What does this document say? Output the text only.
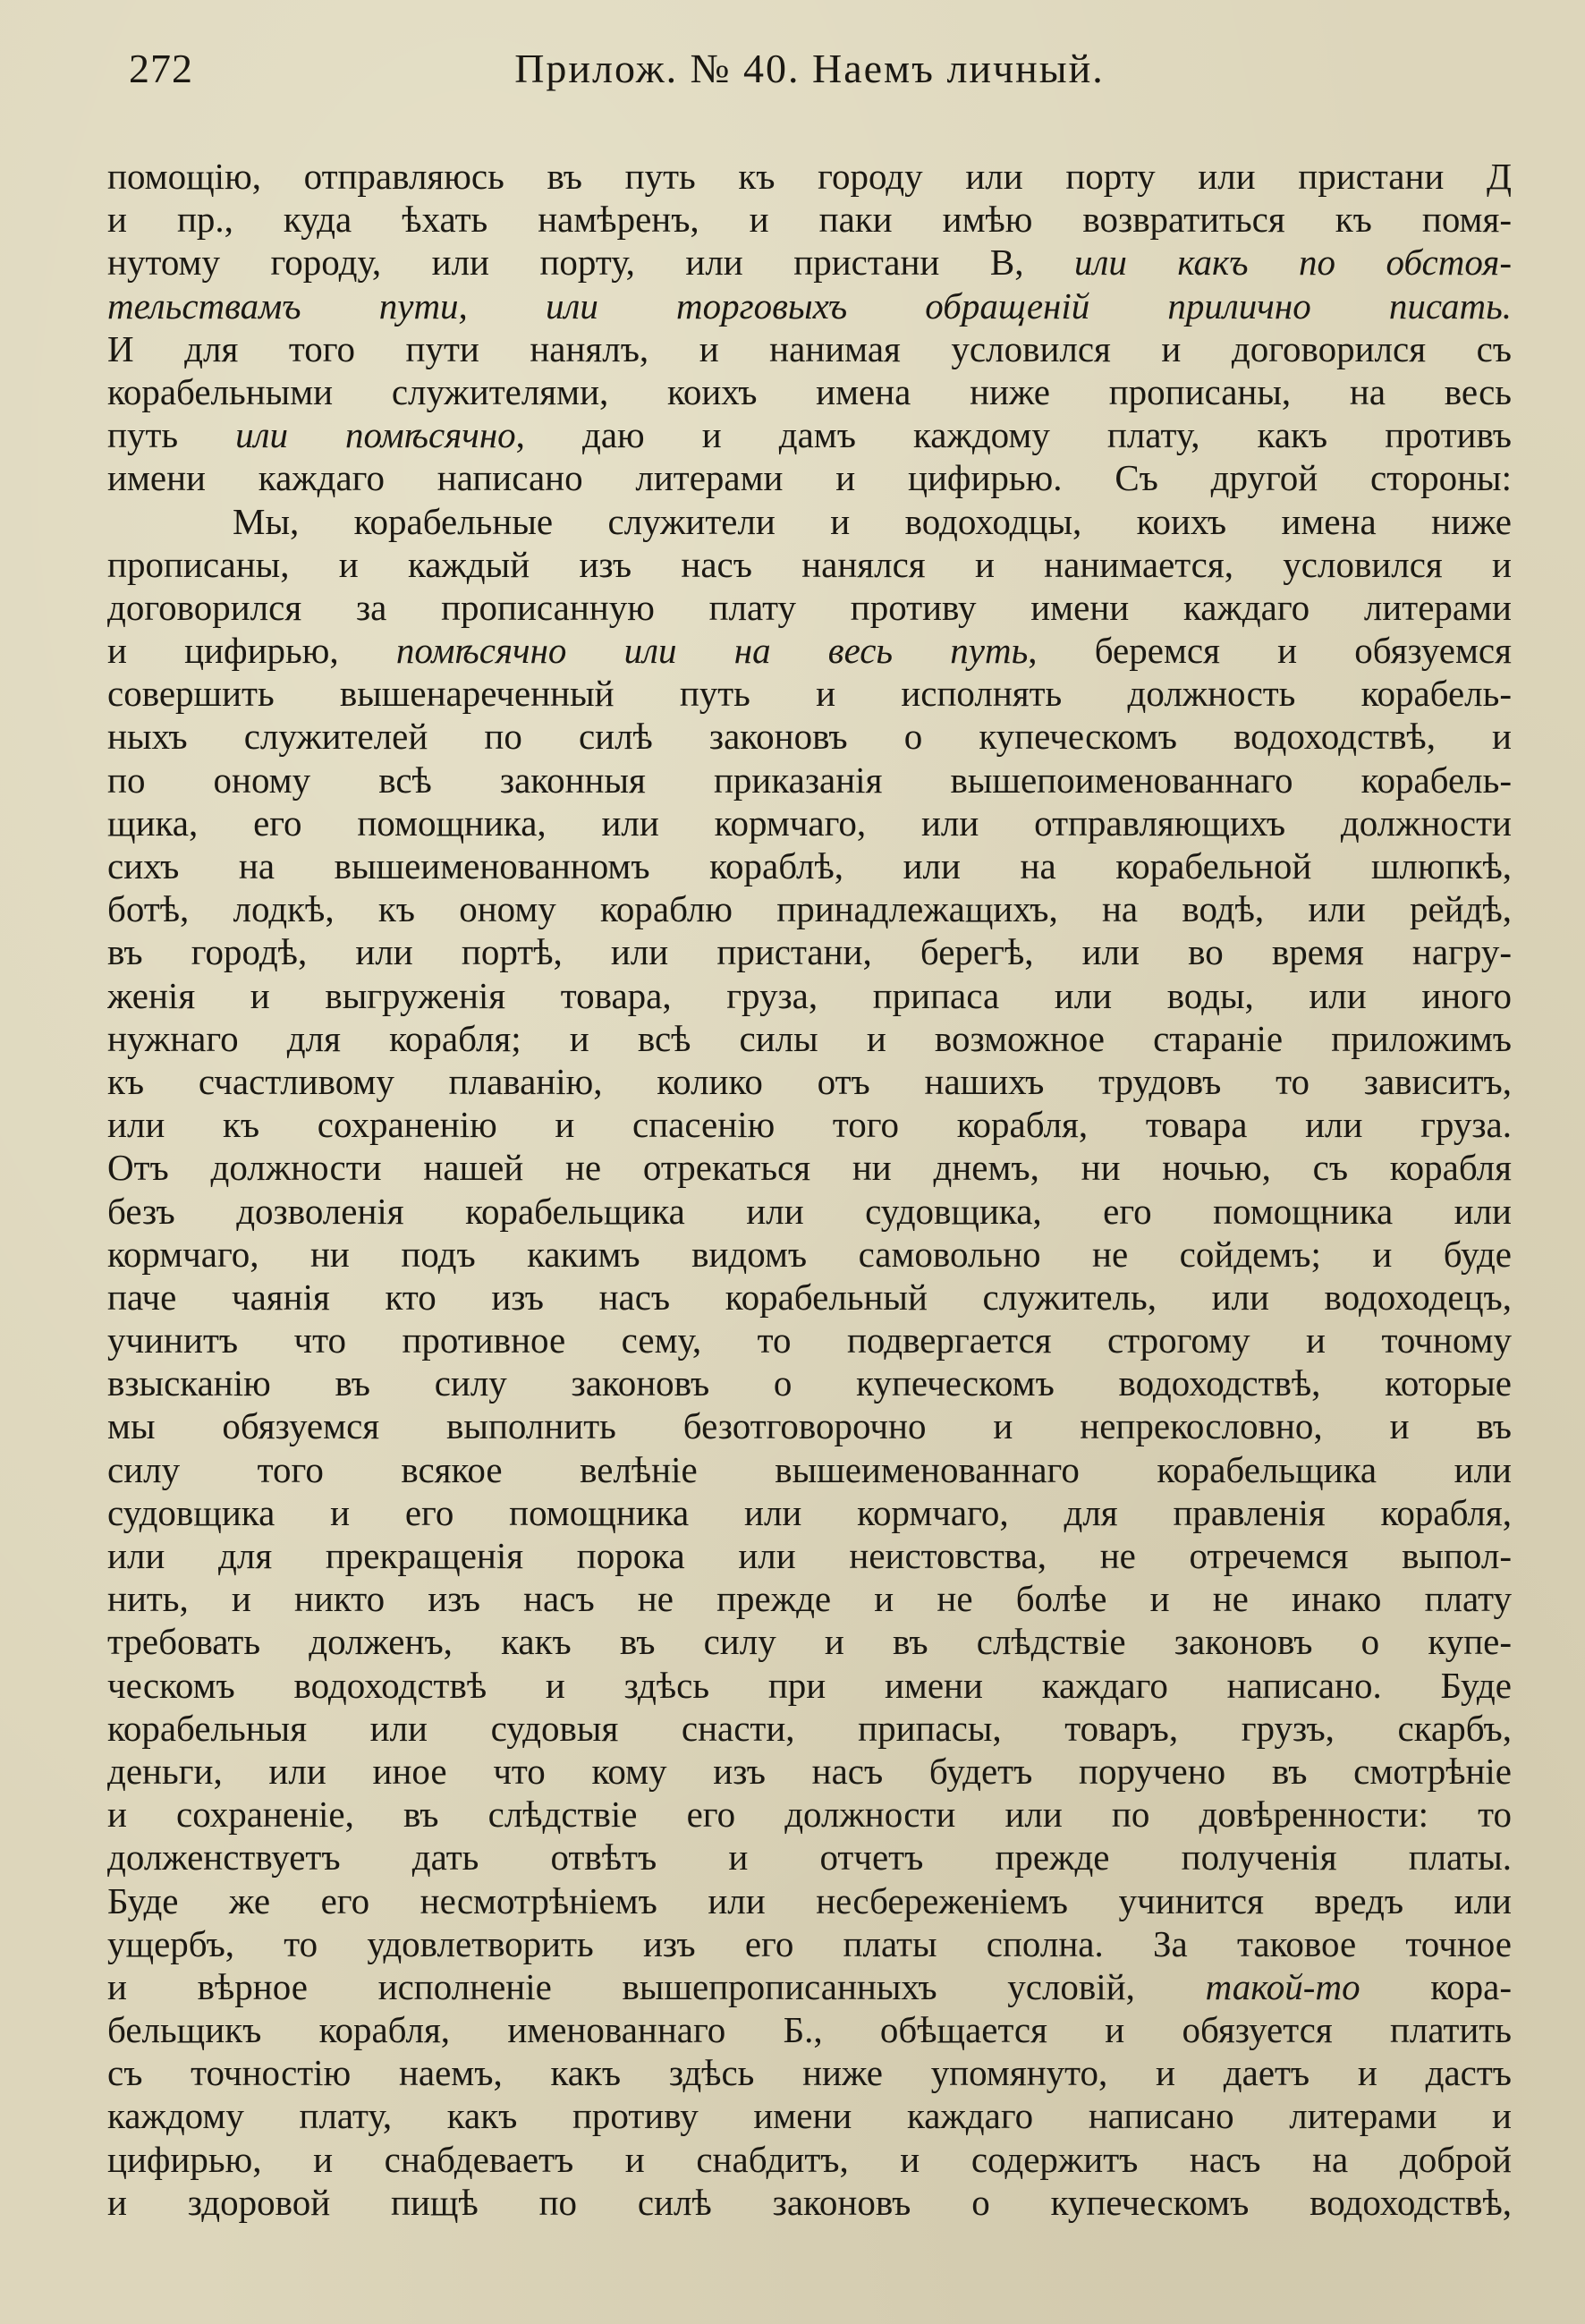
272	Прилож. № 40. Наемъ личный.
помощію, отправляюсь въ путь къ городу или порту или пристани Д
и пр., куда ѣхать намѣренъ, и паки имѣю возвратиться къ помя-
нутому городу, или порту, или пристани В, или какъ по обстоя-
тельствамъ пути, или торговыхъ обращеній прилично писать.
И для того пути нанялъ, и нанимая условился и договорился съ
корабельными служителями, коихъ имена ниже прописаны, на весь
путь или помѣсячно, даю и дамъ каждому плату, какъ противъ
имени каждаго написано литерами и цифирью. Съ другой стороны:
Мы, корабельные служители и водоходцы, коихъ имена ниже
прописаны, и каждый изъ насъ нанялся и нанимается, условился и
договорился за прописанную плату противу имени каждаго литерами
и цифирью, помѣсячно или на весь путь, беремся и обязуемся
совершить вышенареченный путь и исполнять должность корабель-
ныхъ служителей по силѣ законовъ о купеческомъ водоходствѣ, и
по оному всѣ законныя приказанія вышепоименованнаго корабель-
щика, его помощника, или кормчаго, или отправляющихъ должности
сихъ на вышеименованномъ кораблѣ, или на корабельной шлюпкѣ,
ботѣ, лодкѣ, къ оному кораблю принадлежащихъ, на водѣ, или рейдѣ,
въ городѣ, или портѣ, или пристани, берегѣ, или во время нагру-
женія и выгруженія товара, груза, припаса или воды, или иного
нужнаго для корабля; и всѣ силы и возможное стараніе приложимъ
къ счастливому плаванію, колико отъ нашихъ трудовъ то зависитъ,
или къ сохраненію и спасенію того корабля, товара или груза.
Отъ должности нашей не отрекаться ни днемъ, ни ночью, съ корабля
безъ дозволенія корабельщика или судовщика, его помощника или
кормчаго, ни подъ какимъ видомъ самовольно не сойдемъ; и буде
паче чаянія кто изъ насъ корабельный служитель, или водоходецъ,
учинитъ что противное сему, то подвергается строгому и точному
взысканію въ силу законовъ о купеческомъ водоходствѣ, которые
мы обязуемся выполнить безотговорочно и непрекословно, и въ
силу того всякое велѣніе вышеименованнаго корабельщика или
судовщика и его помощника или кормчаго, для правленія корабля,
или для прекращенія порока или неистовства, не отречемся выпол-
нить, и никто изъ насъ не прежде и не болѣе и не инако плату
требовать долженъ, какъ въ силу и въ слѣдствіе законовъ о купе-
ческомъ водоходствѣ и здѣсь при имени каждаго написано. Буде
корабельныя или судовыя снасти, припасы, товаръ, грузъ, скарбъ,
деньги, или иное что кому изъ насъ будетъ поручено въ смотрѣніе
и сохраненіе, въ слѣдствіе его должности или по довѣренности: то
долженствуетъ дать отвѣтъ и отчетъ прежде полученія платы.
Буде же его несмотрѣніемъ или несбереженіемъ учинится вредъ или
ущербъ, то удовлетворить изъ его платы сполна. За таковое точное
и вѣрное исполненіе вышепрописанныхъ условій, такой-то кора-
бельщикъ корабля, именованнаго Б., обѣщается и обязуется платить
съ точностію наемъ, какъ здѣсь ниже упомянуто, и даетъ и дастъ
каждому плату, какъ противу имени каждаго написано литерами и
цифирью, и снабдеваетъ и снабдитъ, и содержитъ насъ на доброй
и здоровой пищѣ по силѣ законовъ о купеческомъ водоходствѣ,
